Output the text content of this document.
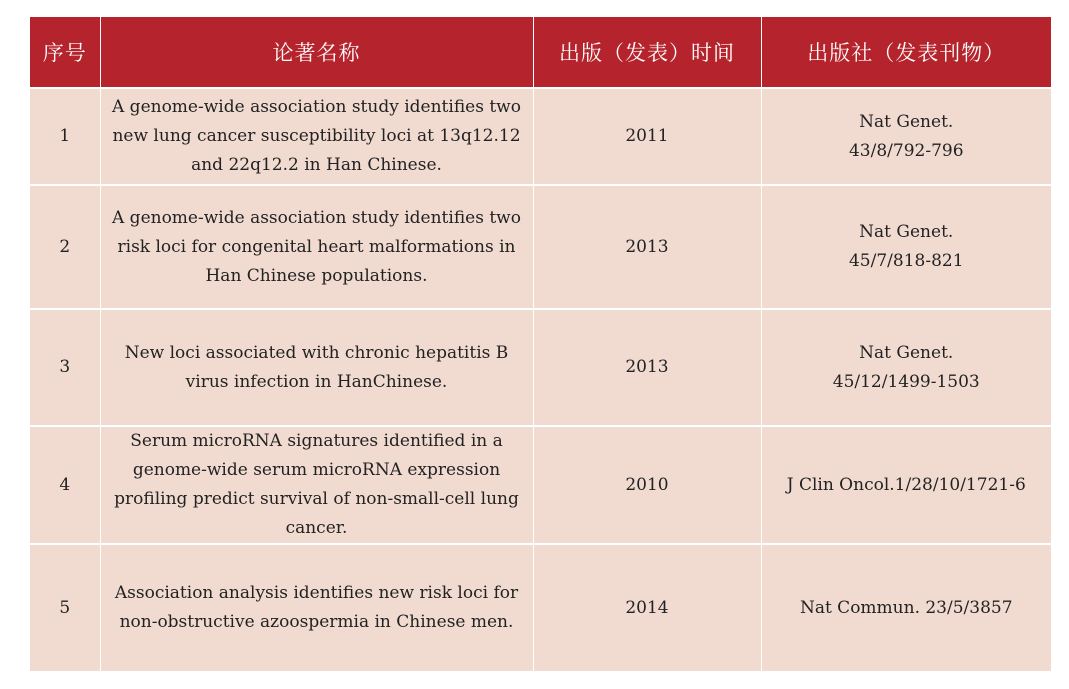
序号	论著名称	出版（发表）时间	出版社（发表刊物）
1	A genome-wide association study identifies two new lung cancer susceptibility loci at 13q12.12 and 22q12.2 in Han Chinese.	2011	Nat Genet.
43/8/792-796

2	A genome-wide association study identifies two risk loci for congenital heart malformations in Han Chinese populations.	2013	Nat Genet.
45/7/818-821

3	New loci associated with chronic hepatitis B virus infection in HanChinese.	2013	Nat Genet.
45/12/1499-1503

4	Serum microRNA signatures identified in a genome-wide serum microRNA expression profiling predict survival of non-small-cell lung cancer.	2010	J Clin Oncol.1/28/10/1721-6

5	Association analysis identifies new risk loci for non-obstructive azoospermia in Chinese men.	2014	Nat Commun. 23/5/3857
